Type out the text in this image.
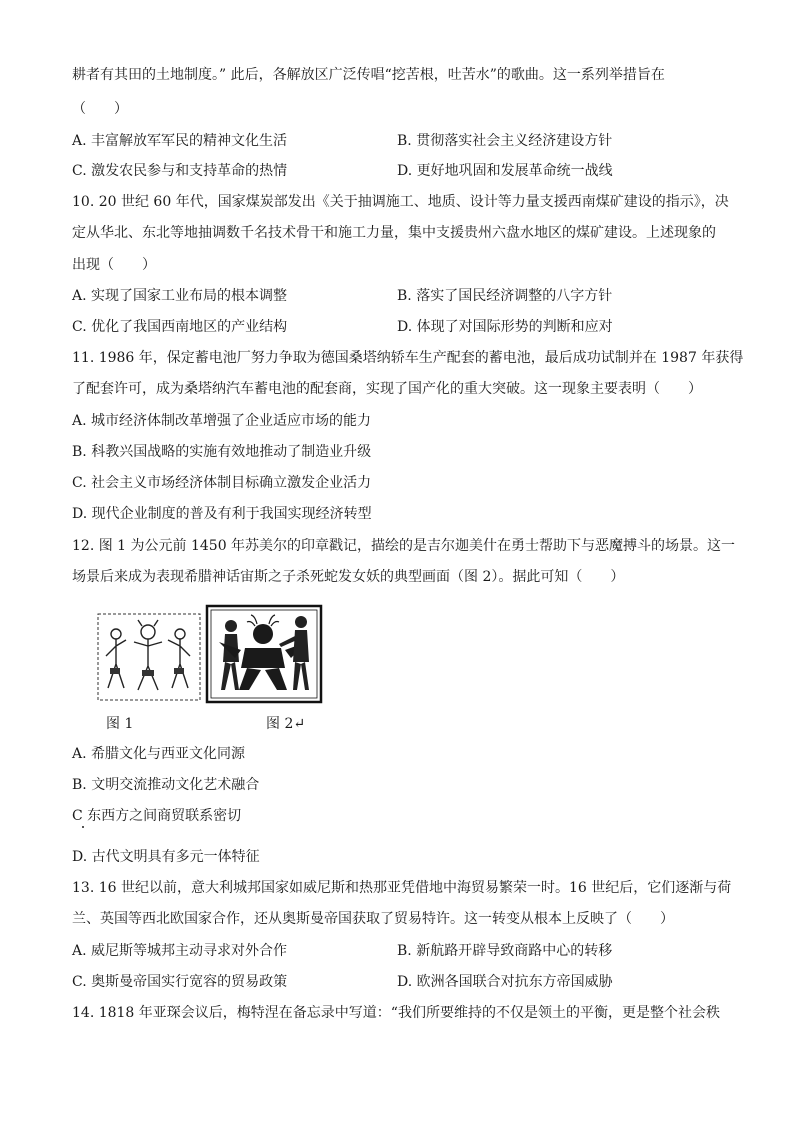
耕者有其田的土地制度。” 此后，各解放区广泛传唱“挖苦根，吐苦水”的歌曲。这一系列举措旨在
（　　）
A. 丰富解放军军民的精神文化生活	B. 贯彻落实社会主义经济建设方针
C. 激发农民参与和支持革命的热情	D. 更好地巩固和发展革命统一战线
10. 20 世纪 60 年代，国家煤炭部发出《关于抽调施工、地质、设计等力量支援西南煤矿建设的指示》，决
定从华北、东北等地抽调数千名技术骨干和施工力量，集中支援贵州六盘水地区的煤矿建设。上述现象的
出现（　　）
A. 实现了国家工业布局的根本调整	B. 落实了国民经济调整的八字方针
C. 优化了我国西南地区的产业结构	D. 体现了对国际形势的判断和应对
11. 1986 年，保定蓄电池厂努力争取为德国桑塔纳轿车生产配套的蓄电池，最后成功试制并在 1987 年获得
了配套许可，成为桑塔纳汽车蓄电池的配套商，实现了国产化的重大突破。这一现象主要表明（　　）
A. 城市经济体制改革增强了企业适应市场的能力
B. 科教兴国战略的实施有效地推动了制造业升级
C. 社会主义市场经济体制目标确立激发企业活力
D. 现代企业制度的普及有利于我国实现经济转型
12. 图 1 为公元前 1450 年苏美尔的印章戳记，描绘的是吉尔迦美什在勇士帮助下与恶魔搏斗的场景。这一
场景后来成为表现希腊神话宙斯之子杀死蛇发女妖的典型画面（图 2）。据此可知（　　）
图 1	图 2↵
A. 希腊文化与西亚文化同源
B. 文明交流推动文化艺术融合
C 东西方之间商贸联系密切
D. 古代文明具有多元一体特征
13. 16 世纪以前，意大利城邦国家如威尼斯和热那亚凭借地中海贸易繁荣一时。16 世纪后，它们逐渐与荷
兰、英国等西北欧国家合作，还从奥斯曼帝国获取了贸易特许。这一转变从根本上反映了（　　）
A. 威尼斯等城邦主动寻求对外合作	B. 新航路开辟导致商路中心的转移
C. 奥斯曼帝国实行宽容的贸易政策	D. 欧洲各国联合对抗东方帝国威胁
14. 1818 年亚琛会议后，梅特涅在备忘录中写道：“我们所要维持的不仅是领土的平衡，更是整个社会秩
